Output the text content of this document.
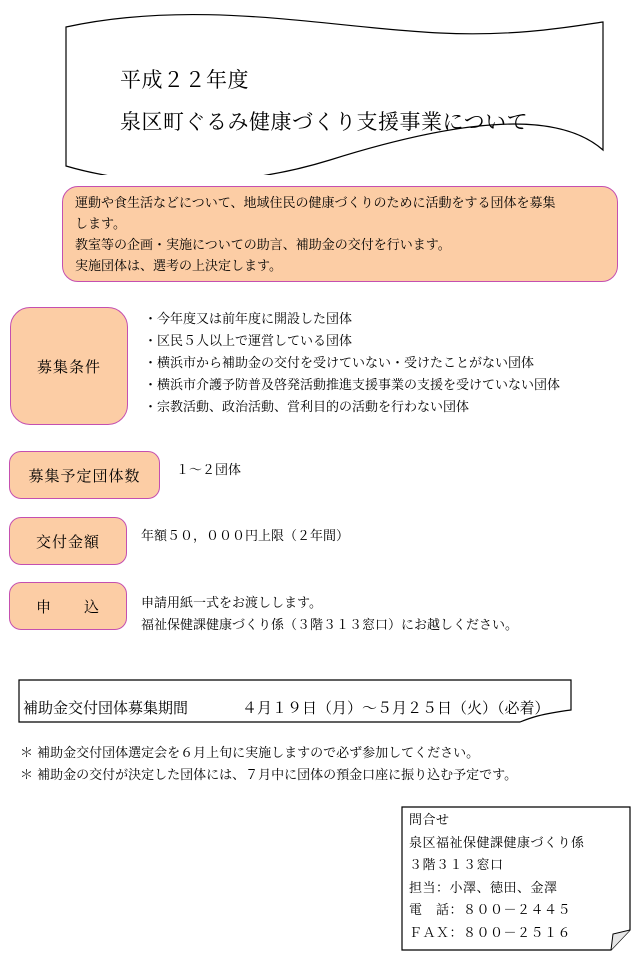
平成２２年度
泉区町ぐるみ健康づくり支援事業について
運動や食生活などについて、地域住民の健康づくりのために活動をする団体を募集
します。
教室等の企画・実施についての助言、補助金の交付を行います。
実施団体は、選考の上決定します。
募集条件
・今年度又は前年度に開設した団体
・区民５人以上で運営している団体
・横浜市から補助金の交付を受けていない・受けたことがない団体
・横浜市介護予防普及啓発活動推進支援事業の支援を受けていない団体
・宗教活動、政治活動、営利目的の活動を行わない団体
募集予定団体数	１～２団体
交付金額	年額５０，０００円上限（２年間）
申　　込	申請用紙一式をお渡しします。
福祉保健課健康づくり係（３階３１３窓口）にお越しください。
補助金交付団体募集期間	４月１９日（月）～５月２５日（火）（必着）
＊ 補助金交付団体選定会を６月上旬に実施しますので必ず参加してください。
＊ 補助金の交付が決定した団体には、７月中に団体の預金口座に振り込む予定です。
問合せ
泉区福祉保健課健康づくり係
３階３１３窓口
担当：小澤、徳田、金澤
電　話：８００－２４４５
ＦＡＸ：８００－２５１６
